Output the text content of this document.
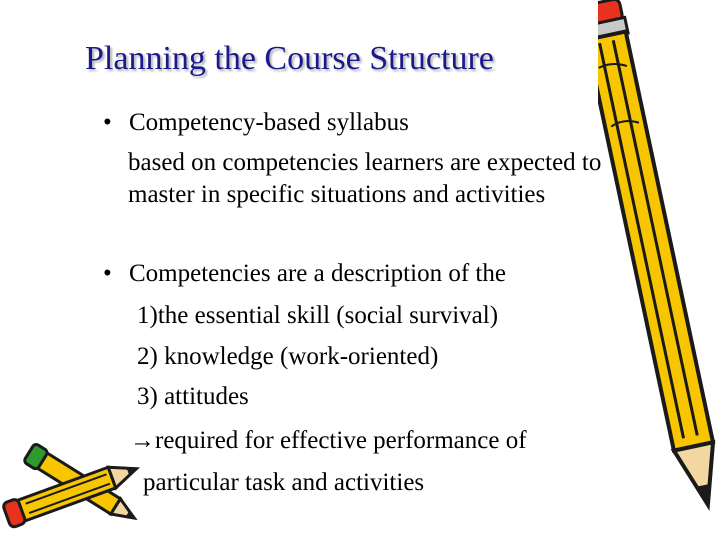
Planning the Course Structure
• Competency-based syllabus
based on competencies learners are expected to
master in specific situations and activities
• Competencies are a description of the
1)the essential skill (social survival)
2) knowledge (work-oriented)
3) attitudes
→required for effective performance of
particular task and activities
